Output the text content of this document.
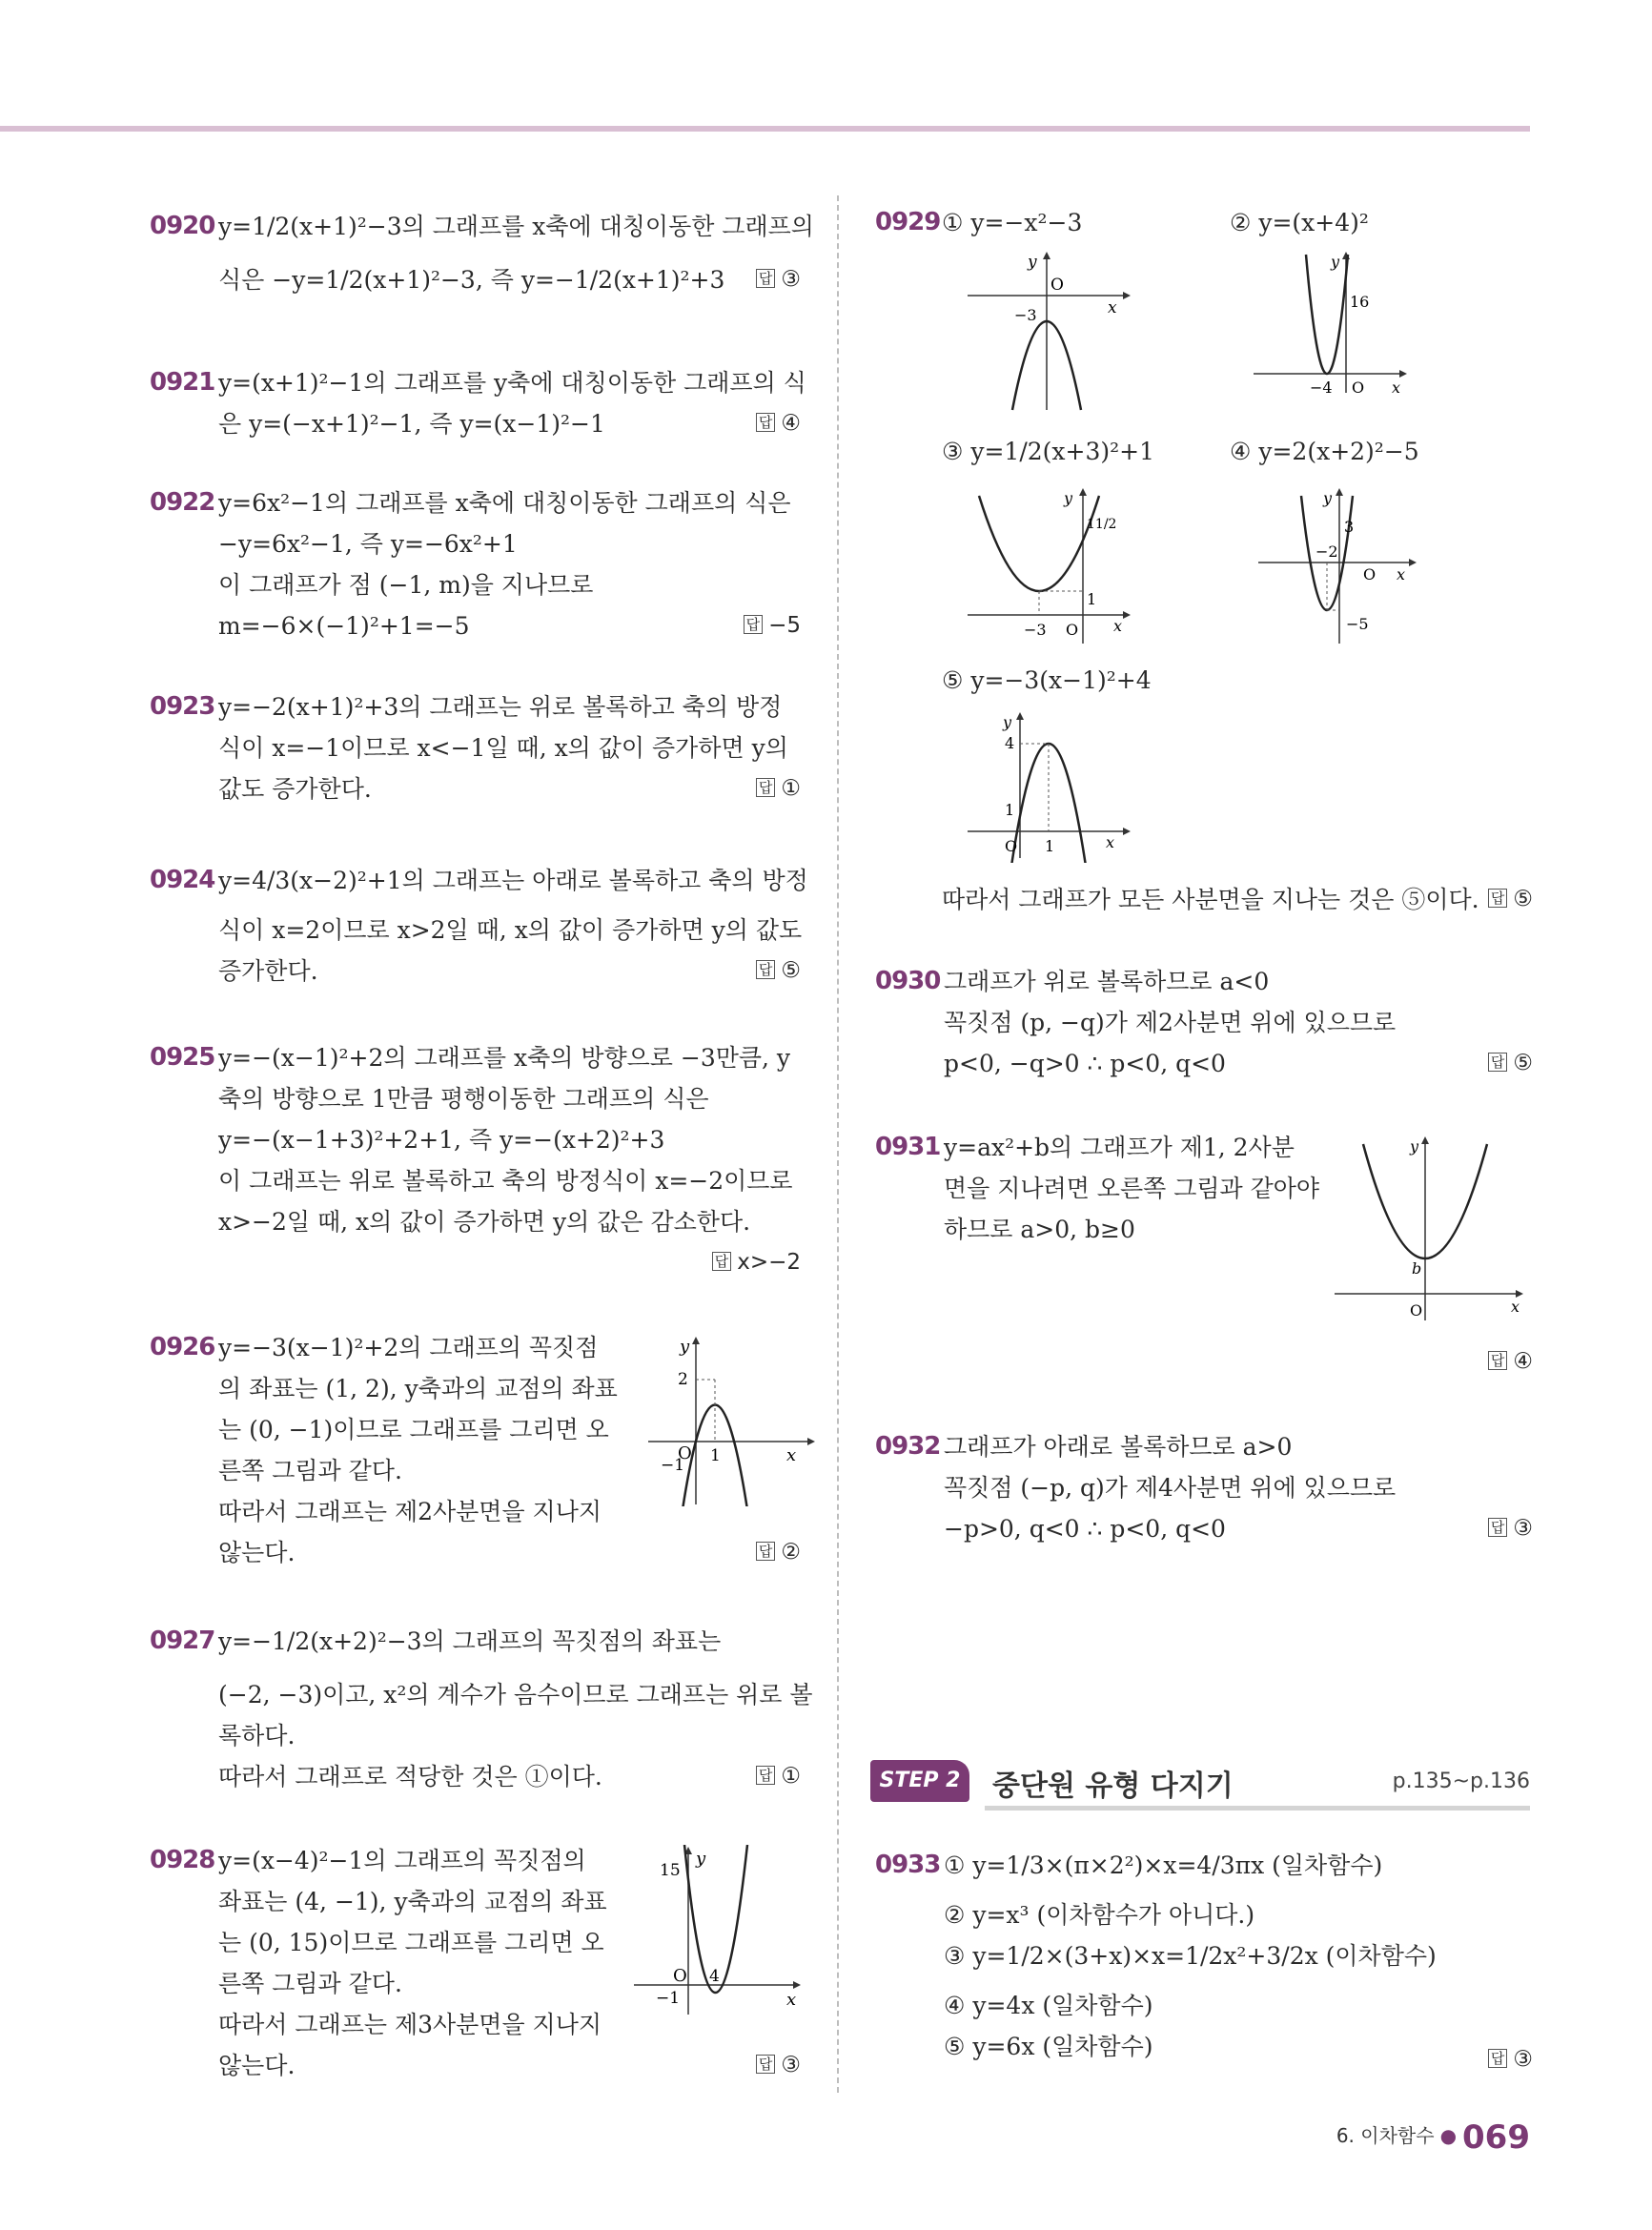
0920 y=1/2(x+1)²−3의 그래프를 x축에 대칭이동한 그래프의
식은 −y=1/2(x+1)²−3, 즉 y=−1/2(x+1)²+3	답 ③
0921 y=(x+1)²−1의 그래프를 y축에 대칭이동한 그래프의 식
은 y=(−x+1)²−1, 즉 y=(x−1)²−1	답 ④
0922 y=6x²−1의 그래프를 x축에 대칭이동한 그래프의 식은
−y=6x²−1, 즉 y=−6x²+1
이 그래프가 점 (−1, m)을 지나므로
m=−6×(−1)²+1=−5	답 −5
0923 y=−2(x+1)²+3의 그래프는 위로 볼록하고 축의 방정
식이 x=−1이므로 x<−1일 때, x의 값이 증가하면 y의
값도 증가한다.	답 ①
0924 y=4/3(x−2)²+1의 그래프는 아래로 볼록하고 축의 방정
식이 x=2이므로 x>2일 때, x의 값이 증가하면 y의 값도
증가한다.	답 ⑤
0925 y=−(x−1)²+2의 그래프를 x축의 방향으로 −3만큼, y
축의 방향으로 1만큼 평행이동한 그래프의 식은
y=−(x−1+3)²+2+1, 즉 y=−(x+2)²+3
이 그래프는 위로 볼록하고 축의 방정식이 x=−2이므로
x>−2일 때, x의 값이 증가하면 y의 값은 감소한다.
답 x>−2
0926 y=−3(x−1)²+2의 그래프의 꼭짓점
의 좌표는 (1, 2), y축과의 교점의 좌표
는 (0, −1)이므로 그래프를 그리면 오
른쪽 그림과 같다.
따라서 그래프는 제2사분면을 지나지
않는다.	답 ②
y
x
O
2
−1 1
0927 y=−1/2(x+2)²−3의 그래프의 꼭짓점의 좌표는
(−2, −3)이고, x²의 계수가 음수이므로 그래프는 위로 볼
록하다.
따라서 그래프로 적당한 것은 ①이다.	답 ①
0928 y=(x−4)²−1의 그래프의 꼭짓점의
좌표는 (4, −1), y축과의 교점의 좌표
는 (0, 15)이므로 그래프를 그리면 오
른쪽 그림과 같다.
따라서 그래프는 제3사분면을 지나지
않는다.	답 ③
y
x
O
15
−1
4
0929 ① y=−x²−3	② y=(x+4)²
③ y=1/2(x+3)²+1	④ y=2(x+2)²−5
⑤ y=−3(x−1)²+4
따라서 그래프가 모든 사분면을 지나는 것은 ⑤이다. 답 ⑤
y
x
O
−3
y
x
O
16
−4
y
x
O
11/2
−3
1
y
x
O
3
−2
−5
y
x
O
4
1
1
0930 그래프가 위로 볼록하므로 a<0
꼭짓점 (p, −q)가 제2사분면 위에 있으므로
p<0, −q>0 ∴ p<0, q<0	답 ⑤
0931 y=ax²+b의 그래프가 제1, 2사분
면을 지나려면 오른쪽 그림과 같아야
하므로 a>0, b≥0
답 ④
y
x
O
b
0932 그래프가 아래로 볼록하므로 a>0
꼭짓점 (−p, q)가 제4사분면 위에 있으므로
−p>0, q<0 ∴ p<0, q<0	답 ③
STEP 2	중단원 유형 다지기	p.135~p.136
0933 ① y=1/3×(π×2²)×x=4/3πx (일차함수)
② y=x³ (이차함수가 아니다.)
③ y=1/2×(3+x)×x=1/2x²+3/2x (이차함수)
④ y=4x (일차함수)
⑤ y=6x (일차함수)	답 ③
6. 이차함수 ● 069
